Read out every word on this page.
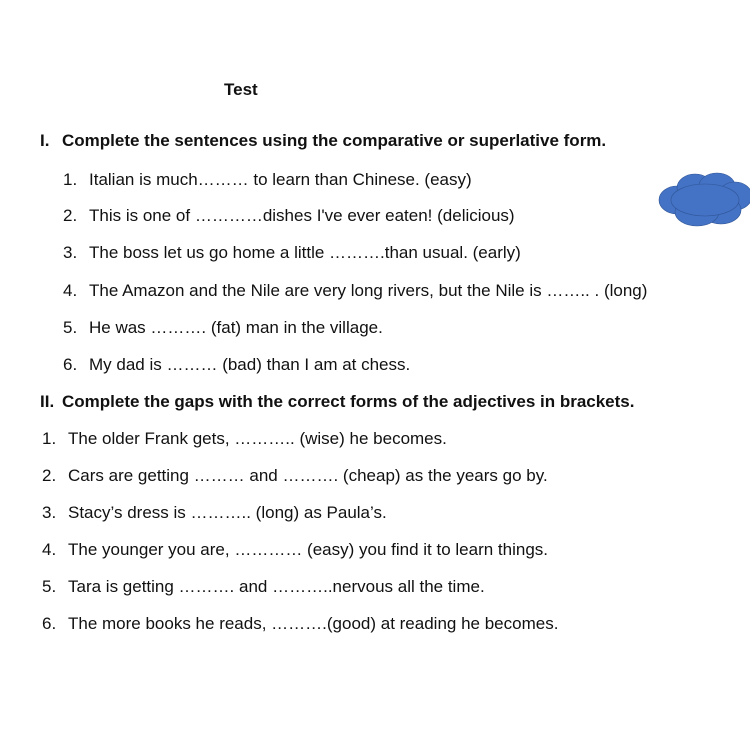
Test
I. Complete the sentences using the comparative or superlative form.
1. Italian is much……… to learn than Chinese. (easy)
2. This is one of …………dishes I've ever eaten! (delicious)
3. The boss let us go home a little ……….than usual. (early)
4. The Amazon and the Nile are very long rivers, but the Nile is …….. . (long)
5. He was ………. (fat) man in the village.
6. My dad is ……… (bad) than I am at chess.
II. Complete the gaps with the correct forms of the adjectives in brackets.
1. The older Frank gets, ……….. (wise) he becomes.
2. Cars are getting ……… and ………. (cheap) as the years go by.
3. Stacy’s dress is ……….. (long) as Paula’s.
4. The younger you are, ………… (easy) you find it to learn things.
5. Tara is getting ………. and ………..nervous all the time.
6. The more books he reads, ……….(good) at reading he becomes.
